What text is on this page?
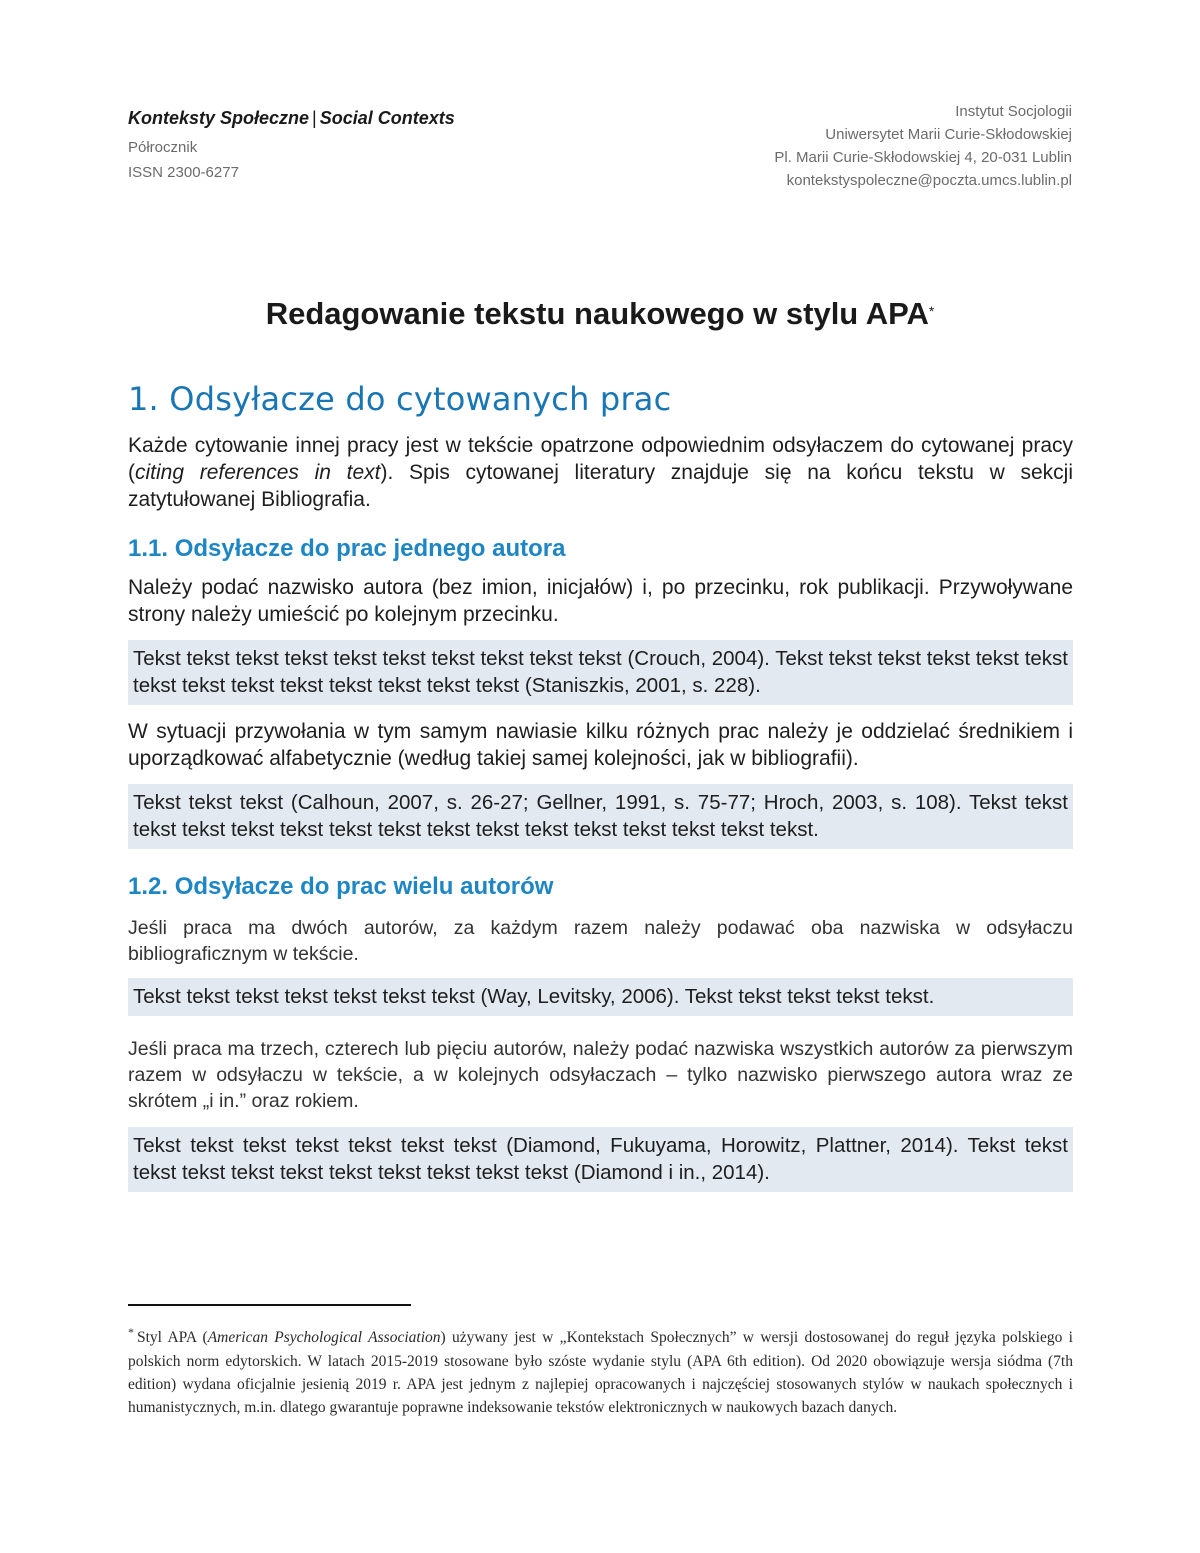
Konteksty Społeczne | Social Contexts
Półrocznik
ISSN 2300-6277
Instytut Socjologii
Uniwersytet Marii Curie-Skłodowskiej
Pl. Marii Curie-Skłodowskiej 4, 20-031 Lublin
kontekstyspoleczne@poczta.umcs.lublin.pl
Redagowanie tekstu naukowego w stylu APA*
1. Odsyłacze do cytowanych prac

Każde cytowanie innej pracy jest w tekście opatrzone odpowiednim odsyłaczem do cytowanej pracy (citing references in text). Spis cytowanej literatury znajduje się na końcu tekstu w sekcji zatytułowanej Bibliografia.

1.1. Odsyłacze do prac jednego autora

Należy podać nazwisko autora (bez imion, inicjałów) i, po przecinku, rok publikacji. Przywoływane strony należy umieścić po kolejnym przecinku.

Tekst tekst tekst tekst tekst tekst tekst tekst tekst tekst (Crouch, 2004). Tekst tekst tekst tekst tekst tekst tekst tekst tekst tekst tekst tekst tekst tekst (Staniszkis, 2001, s. 228).

W sytuacji przywołania w tym samym nawiasie kilku różnych prac należy je oddzielać średnikiem i uporządkować alfabetycznie (według takiej samej kolejności, jak w bibliografii).

Tekst tekst tekst (Calhoun, 2007, s. 26-27; Gellner, 1991, s. 75-77; Hroch, 2003, s. 108). Tekst tekst tekst tekst tekst tekst tekst tekst tekst tekst tekst tekst tekst tekst tekst tekst.
1.2. Odsyłacze do prac wielu autorów

Jeśli praca ma dwóch autorów, za każdym razem należy podawać oba nazwiska w odsyłaczu bibliograficznym w tekście.

Tekst tekst tekst tekst tekst tekst tekst (Way, Levitsky, 2006). Tekst tekst tekst tekst tekst.

Jeśli praca ma trzech, czterech lub pięciu autorów, należy podać nazwiska wszystkich autorów za pierwszym razem w odsyłaczu w tekście, a w kolejnych odsyłaczach – tylko nazwisko pierwszego autora wraz ze skrótem „i in.” oraz rokiem.

Tekst tekst tekst tekst tekst tekst tekst (Diamond, Fukuyama, Horowitz, Plattner, 2014). Tekst tekst tekst tekst tekst tekst tekst tekst tekst tekst tekst (Diamond i in., 2014).
* Styl APA (American Psychological Association) używany jest w „Kontekstach Społecznych” w wersji dostosowanej do reguł języka polskiego i polskich norm edytorskich. W latach 2015-2019 stosowane było szóste wydanie stylu (APA 6th edition). Od 2020 obowiązuje wersja siódma (7th edition) wydana oficjalnie jesienią 2019 r. APA jest jednym z najlepiej opracowanych i najczęściej stosowanych stylów w naukach społecznych i humanistycznych, m.in. dlatego gwarantuje poprawne indeksowanie tekstów elektronicznych w naukowych bazach danych.
